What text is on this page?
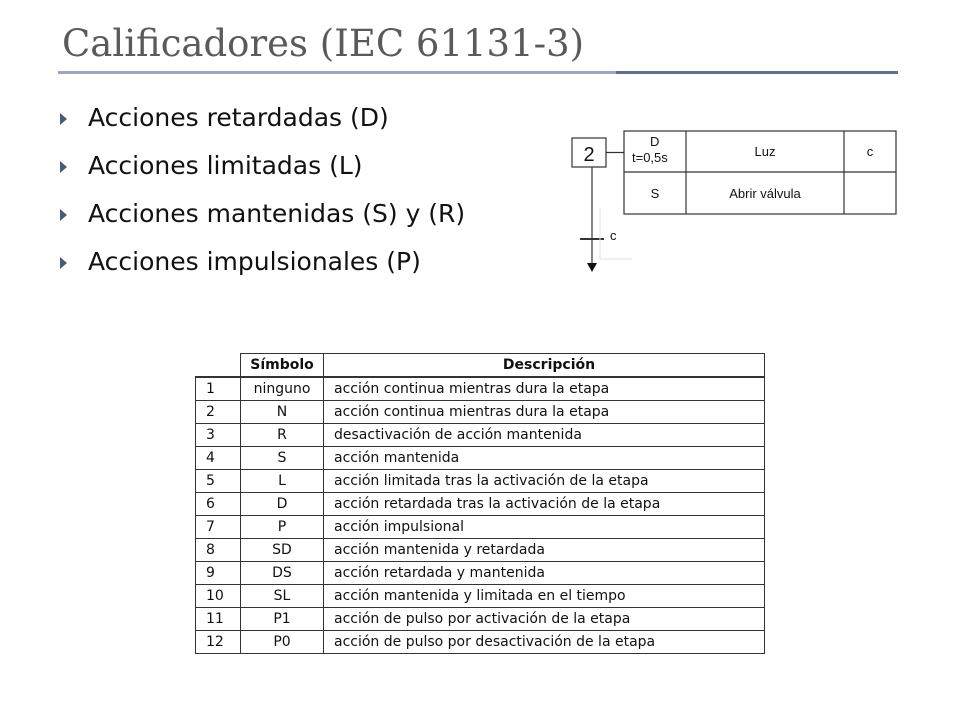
Calificadores (IEC 61131-3)
Acciones retardadas (D)
Acciones limitadas (L)
Acciones mantenidas (S) y (R)
Acciones impulsionales (P)
2
D
t=0,5s	Luz	c
S	Abrir válvula
c
	Símbolo	Descripción
1	ninguno	acción continua mientras dura la etapa
2	N	acción continua mientras dura la etapa
3	R	desactivación de acción mantenida
4	S	acción mantenida
5	L	acción limitada tras la activación de la etapa
6	D	acción retardada tras la activación de la etapa
7	P	acción impulsional
8	SD	acción mantenida y retardada
9	DS	acción retardada y mantenida
10	SL	acción mantenida y limitada en el tiempo
11	P1	acción de pulso por activación de la etapa
12	P0	acción de pulso por desactivación de la etapa
